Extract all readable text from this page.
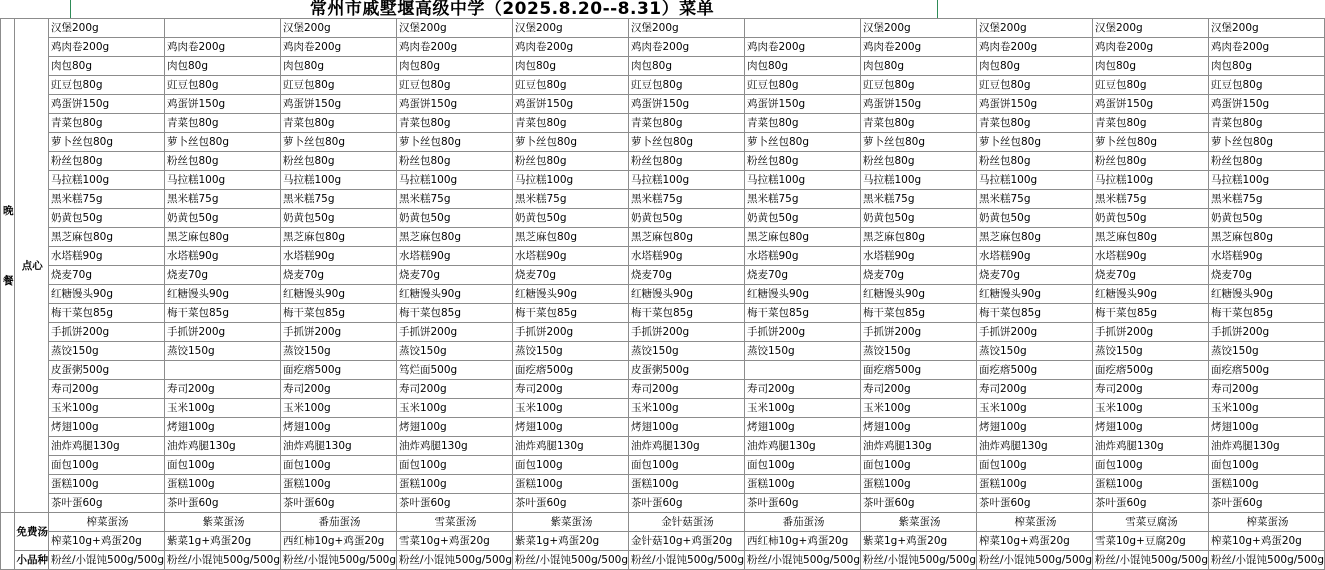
常州市戚墅堰高级中学（2025.8.20--8.31）菜单
晚
餐	点心	汉堡200g		汉堡200g	汉堡200g	汉堡200g	汉堡200g		汉堡200g	汉堡200g	汉堡200g	汉堡200g
		鸡肉卷200g	鸡肉卷200g	鸡肉卷200g	鸡肉卷200g	鸡肉卷200g	鸡肉卷200g	鸡肉卷200g	鸡肉卷200g	鸡肉卷200g	鸡肉卷200g	鸡肉卷200g
		肉包80g	肉包80g	肉包80g	肉包80g	肉包80g	肉包80g	肉包80g	肉包80g	肉包80g	肉包80g	肉包80g
		豇豆包80g	豇豆包80g	豇豆包80g	豇豆包80g	豇豆包80g	豇豆包80g	豇豆包80g	豇豆包80g	豇豆包80g	豇豆包80g	豇豆包80g
		鸡蛋饼150g	鸡蛋饼150g	鸡蛋饼150g	鸡蛋饼150g	鸡蛋饼150g	鸡蛋饼150g	鸡蛋饼150g	鸡蛋饼150g	鸡蛋饼150g	鸡蛋饼150g	鸡蛋饼150g
		青菜包80g	青菜包80g	青菜包80g	青菜包80g	青菜包80g	青菜包80g	青菜包80g	青菜包80g	青菜包80g	青菜包80g	青菜包80g
		萝卜丝包80g	萝卜丝包80g	萝卜丝包80g	萝卜丝包80g	萝卜丝包80g	萝卜丝包80g	萝卜丝包80g	萝卜丝包80g	萝卜丝包80g	萝卜丝包80g	萝卜丝包80g
		粉丝包80g	粉丝包80g	粉丝包80g	粉丝包80g	粉丝包80g	粉丝包80g	粉丝包80g	粉丝包80g	粉丝包80g	粉丝包80g	粉丝包80g
		马拉糕100g	马拉糕100g	马拉糕100g	马拉糕100g	马拉糕100g	马拉糕100g	马拉糕100g	马拉糕100g	马拉糕100g	马拉糕100g	马拉糕100g
		黑米糕75g	黑米糕75g	黑米糕75g	黑米糕75g	黑米糕75g	黑米糕75g	黑米糕75g	黑米糕75g	黑米糕75g	黑米糕75g	黑米糕75g
		奶黄包50g	奶黄包50g	奶黄包50g	奶黄包50g	奶黄包50g	奶黄包50g	奶黄包50g	奶黄包50g	奶黄包50g	奶黄包50g	奶黄包50g
		黑芝麻包80g	黑芝麻包80g	黑芝麻包80g	黑芝麻包80g	黑芝麻包80g	黑芝麻包80g	黑芝麻包80g	黑芝麻包80g	黑芝麻包80g	黑芝麻包80g	黑芝麻包80g
		水塔糕90g	水塔糕90g	水塔糕90g	水塔糕90g	水塔糕90g	水塔糕90g	水塔糕90g	水塔糕90g	水塔糕90g	水塔糕90g	水塔糕90g
		烧麦70g	烧麦70g	烧麦70g	烧麦70g	烧麦70g	烧麦70g	烧麦70g	烧麦70g	烧麦70g	烧麦70g	烧麦70g
		红糖馒头90g	红糖馒头90g	红糖馒头90g	红糖馒头90g	红糖馒头90g	红糖馒头90g	红糖馒头90g	红糖馒头90g	红糖馒头90g	红糖馒头90g	红糖馒头90g
		梅干菜包85g	梅干菜包85g	梅干菜包85g	梅干菜包85g	梅干菜包85g	梅干菜包85g	梅干菜包85g	梅干菜包85g	梅干菜包85g	梅干菜包85g	梅干菜包85g
		手抓饼200g	手抓饼200g	手抓饼200g	手抓饼200g	手抓饼200g	手抓饼200g	手抓饼200g	手抓饼200g	手抓饼200g	手抓饼200g	手抓饼200g
		蒸饺150g	蒸饺150g	蒸饺150g	蒸饺150g	蒸饺150g	蒸饺150g	蒸饺150g	蒸饺150g	蒸饺150g	蒸饺150g	蒸饺150g
		皮蛋粥500g		面疙瘩500g	笃烂面500g	面疙瘩500g	皮蛋粥500g		面疙瘩500g	面疙瘩500g	面疙瘩500g	面疙瘩500g
		寿司200g	寿司200g	寿司200g	寿司200g	寿司200g	寿司200g	寿司200g	寿司200g	寿司200g	寿司200g	寿司200g
		玉米100g	玉米100g	玉米100g	玉米100g	玉米100g	玉米100g	玉米100g	玉米100g	玉米100g	玉米100g	玉米100g
		烤翅100g	烤翅100g	烤翅100g	烤翅100g	烤翅100g	烤翅100g	烤翅100g	烤翅100g	烤翅100g	烤翅100g	烤翅100g
		油炸鸡腿130g	油炸鸡腿130g	油炸鸡腿130g	油炸鸡腿130g	油炸鸡腿130g	油炸鸡腿130g	油炸鸡腿130g	油炸鸡腿130g	油炸鸡腿130g	油炸鸡腿130g	油炸鸡腿130g
		面包100g	面包100g	面包100g	面包100g	面包100g	面包100g	面包100g	面包100g	面包100g	面包100g	面包100g
		蛋糕100g	蛋糕100g	蛋糕100g	蛋糕100g	蛋糕100g	蛋糕100g	蛋糕100g	蛋糕100g	蛋糕100g	蛋糕100g	蛋糕100g
		茶叶蛋60g	茶叶蛋60g	茶叶蛋60g	茶叶蛋60g	茶叶蛋60g	茶叶蛋60g	茶叶蛋60g	茶叶蛋60g	茶叶蛋60g	茶叶蛋60g	茶叶蛋60g
	免费汤	榨菜蛋汤	紫菜蛋汤	番茄蛋汤	雪菜蛋汤	紫菜蛋汤	金针菇蛋汤	番茄蛋汤	紫菜蛋汤	榨菜蛋汤	雪菜豆腐汤	榨菜蛋汤
		榨菜10g+鸡蛋20g	紫菜1g+鸡蛋20g	西红柿10g+鸡蛋20g	雪菜10g+鸡蛋20g	紫菜1g+鸡蛋20g	金针菇10g+鸡蛋20g	西红柿10g+鸡蛋20g	紫菜1g+鸡蛋20g	榨菜10g+鸡蛋20g	雪菜10g+豆腐20g	榨菜10g+鸡蛋20g
	小品种	粉丝/小馄饨500g/500g	粉丝/小馄饨500g/500g	粉丝/小馄饨500g/500g	粉丝/小馄饨500g/500g	粉丝/小馄饨500g/500g	粉丝/小馄饨500g/500g	粉丝/小馄饨500g/500g	粉丝/小馄饨500g/500g	粉丝/小馄饨500g/500g	粉丝/小馄饨500g/500g	粉丝/小馄饨500g/500g
